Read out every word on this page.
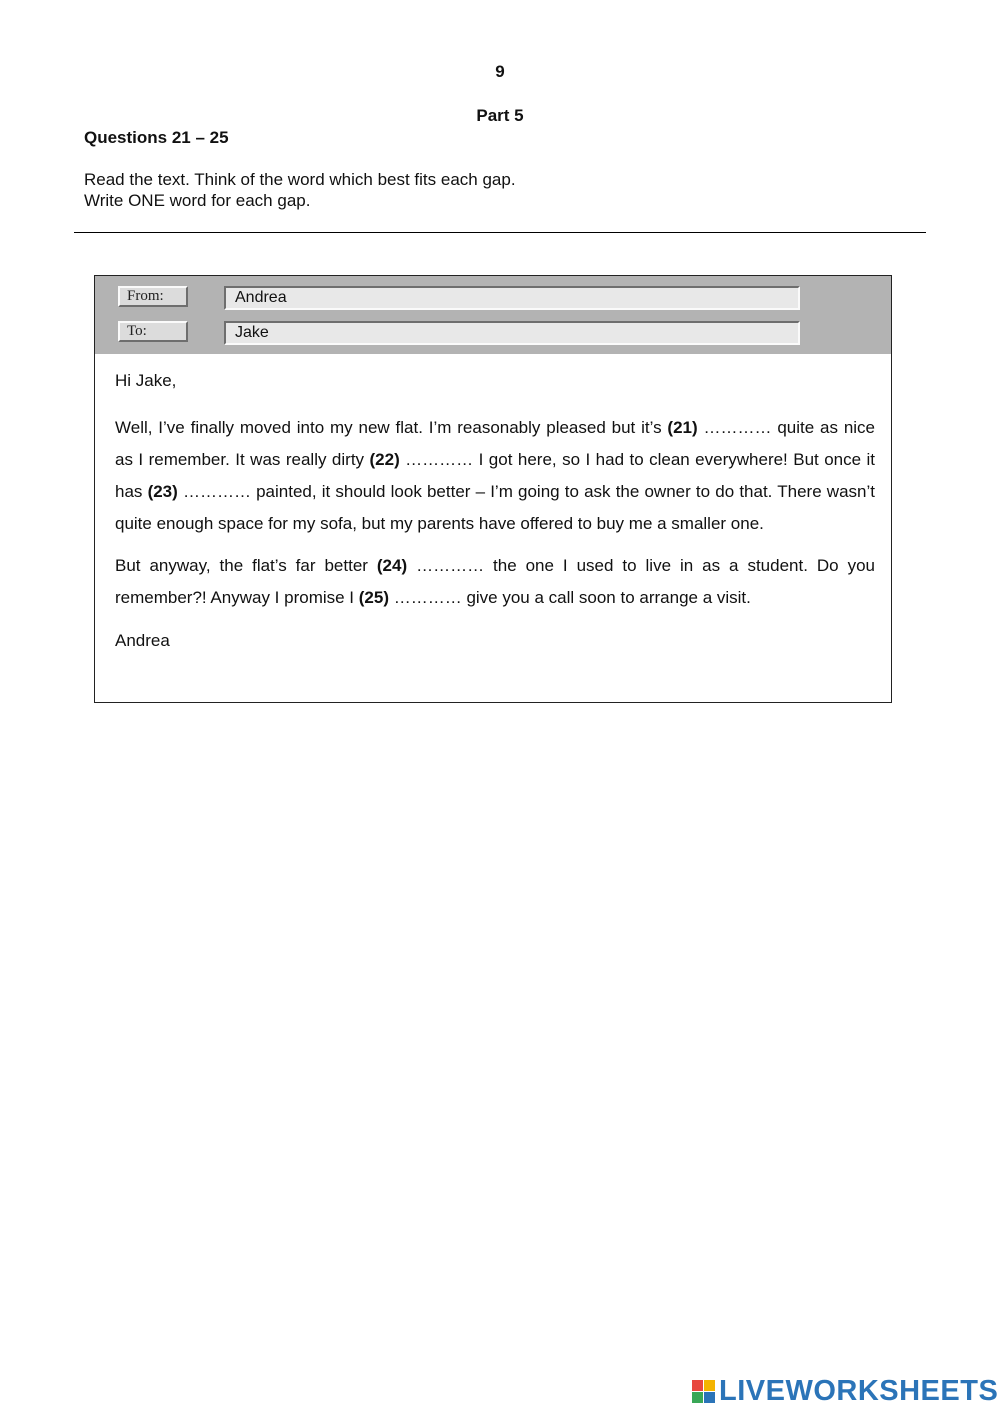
9
Part 5
Questions 21 – 25
Read the text. Think of the word which best fits each gap.
Write ONE word for each gap.
From:	Andrea
To:	Jake

Hi Jake,

Well, I’ve finally moved into my new flat. I’m reasonably pleased but it’s (21) ………… quite as nice as I remember. It was really dirty (22) ………… I got here, so I had to clean everywhere! But once it has (23) ………… painted, it should look better – I’m going to ask the owner to do that. There wasn’t quite enough space for my sofa, but my parents have offered to buy me a smaller one.

But anyway, the flat’s far better (24) ………… the one I used to live in as a student. Do you remember?! Anyway I promise I (25) ………… give you a call soon to arrange a visit.

Andrea

LIVEWORKSHEETS
